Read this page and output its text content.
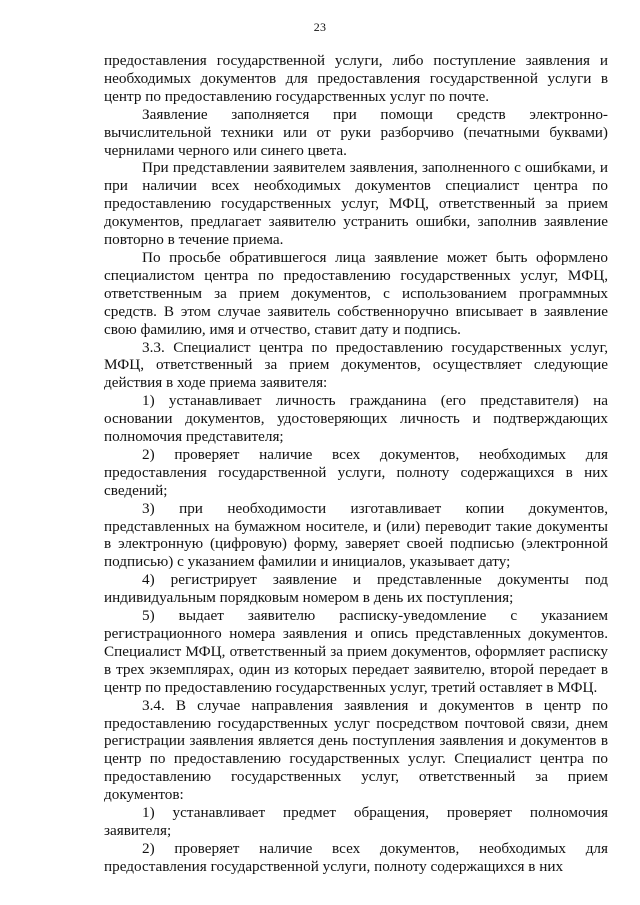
23

предоставления государственной услуги, либо поступление заявления и необходимых документов для предоставления государственной услуги в центр по предоставлению государственных услуг по почте.

Заявление заполняется при помощи средств электронно-вычислительной техники или от руки разборчиво (печатными буквами) чернилами черного или синего цвета.

При представлении заявителем заявления, заполненного с ошибками, и при наличии всех необходимых документов специалист центра по предоставлению государственных услуг, МФЦ, ответственный за прием документов, предлагает заявителю устранить ошибки, заполнив заявление повторно в течение приема.

По просьбе обратившегося лица заявление может быть оформлено специалистом центра по предоставлению государственных услуг, МФЦ, ответственным за прием документов, с использованием программных средств. В этом случае заявитель собственноручно вписывает в заявление свою фамилию, имя и отчество, ставит дату и подпись.

3.3. Специалист центра по предоставлению государственных услуг, МФЦ, ответственный за прием документов, осуществляет следующие действия в ходе приема заявителя:

1) устанавливает личность гражданина (его представителя) на основании документов, удостоверяющих личность и подтверждающих полномочия представителя;

2) проверяет наличие всех документов, необходимых для предоставления государственной услуги, полноту содержащихся в них сведений;

3) при необходимости изготавливает копии документов, представленных на бумажном носителе, и (или) переводит такие документы в электронную (цифровую) форму, заверяет своей подписью (электронной подписью) с указанием фамилии и инициалов, указывает дату;

4) регистрирует заявление и представленные документы под индивидуальным порядковым номером в день их поступления;

5) выдает заявителю расписку-уведомление с указанием регистрационного номера заявления и опись представленных документов. Специалист МФЦ, ответственный за прием документов, оформляет расписку в трех экземплярах, один из которых передает заявителю, второй передает в центр по предоставлению государственных услуг, третий оставляет в МФЦ.

3.4. В случае направления заявления и документов в центр по предоставлению государственных услуг посредством почтовой связи, днем регистрации заявления является день поступления заявления и документов в центр по предоставлению государственных услуг. Специалист центра по предоставлению государственных услуг, ответственный за прием документов:

1) устанавливает предмет обращения, проверяет полномочия заявителя;

2) проверяет наличие всех документов, необходимых для предоставления государственной услуги, полноту содержащихся в них
